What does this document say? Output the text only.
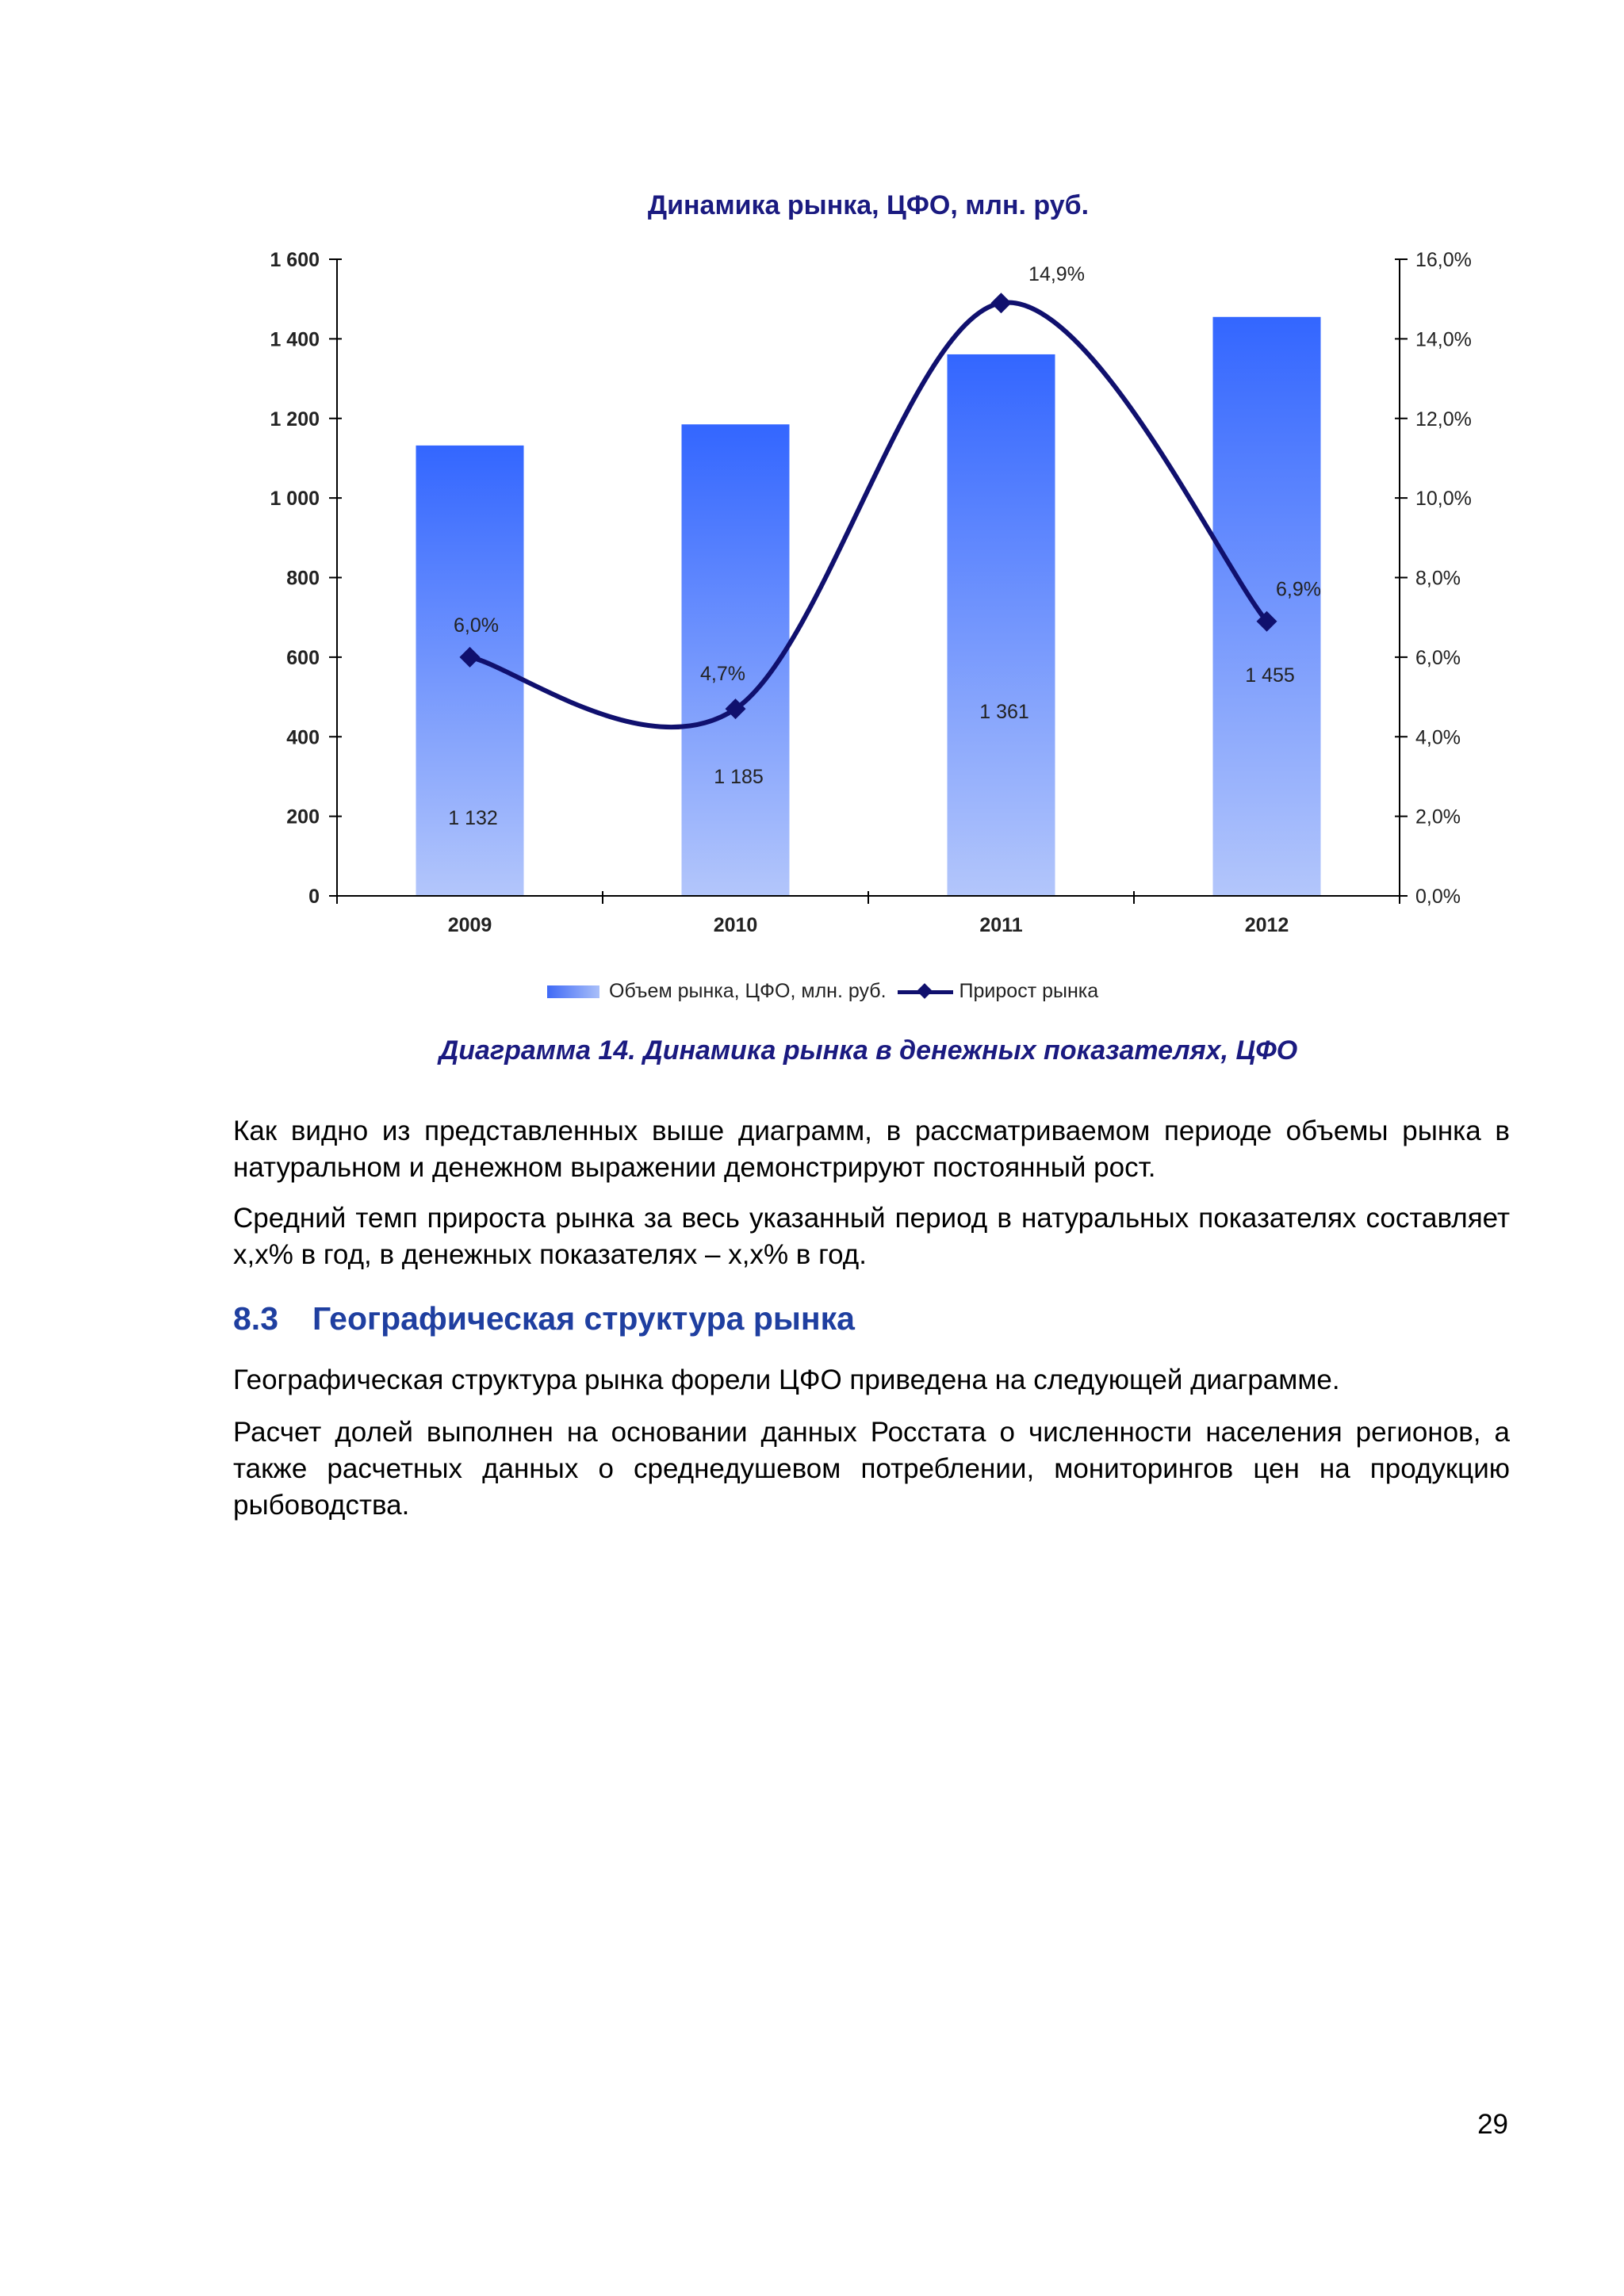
Динамика рынка, ЦФО, млн. руб.
0
200
400
600
800
1 000
1 200
1 400
1 600
0,0%
2,0%
4,0%
6,0%
8,0%
10,0%
12,0%
14,0%
16,0%
2009	2010	2011	2012
1 132
1 185
1 361
1 455
6,0%
4,7%
14,9%
6,9%
Объем рынка, ЦФО, млн. руб.	Прирост рынка
Диаграмма 14. Динамика рынка в денежных показателях, ЦФО
Как видно из представленных выше диаграмм, в рассматриваемом периоде объемы рынка в натуральном и денежном выражении демонстрируют постоянный рост.
Средний темп прироста рынка за весь указанный период в натуральных показателях составляет х,х% в год, в денежных показателях – х,х% в год.
8.3 Географическая структура рынка
Географическая структура рынка форели ЦФО приведена на следующей диаграмме.
Расчет долей выполнен на основании данных Росстата о численности населения регионов, а также расчетных данных о среднедушевом потреблении, мониторингов цен на продукцию рыбоводства.
29
